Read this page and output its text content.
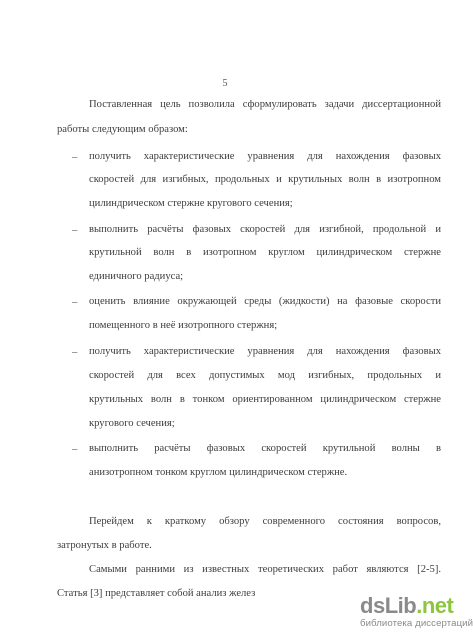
5
Поставленная цель позволила сформулировать задачи диссертационной
работы следующим образом:
– получить характеристические уравнения для нахождения фазовых
скоростей для изгибных, продольных и крутильных волн в изотропном
цилиндрическом стержне кругового сечения;
– выполнить расчёты фазовых скоростей для изгибной, продольной и
крутильной волн в изотропном круглом цилиндрическом стержне
единичного радиуса;
– оценить влияние окружающей среды (жидкости) на фазовые скорости
помещенного в неё изотропного стержня;
– получить характеристические уравнения для нахождения фазовых
скоростей для всех допустимых мод изгибных, продольных и
крутильных волн в тонком ориентированном цилиндрическом стержне
кругового сечения;
– выполнить расчёты фазовых скоростей крутильной волны в
анизотропном тонком круглом цилиндрическом стержне.
Перейдем к краткому обзору современного состояния вопросов,
затронутых в работе.
Самыми ранними из известных теоретических работ являются [2-5].
Статья [3] представляет собой анализ желез	dsLib.net
библиотека диссертаций
